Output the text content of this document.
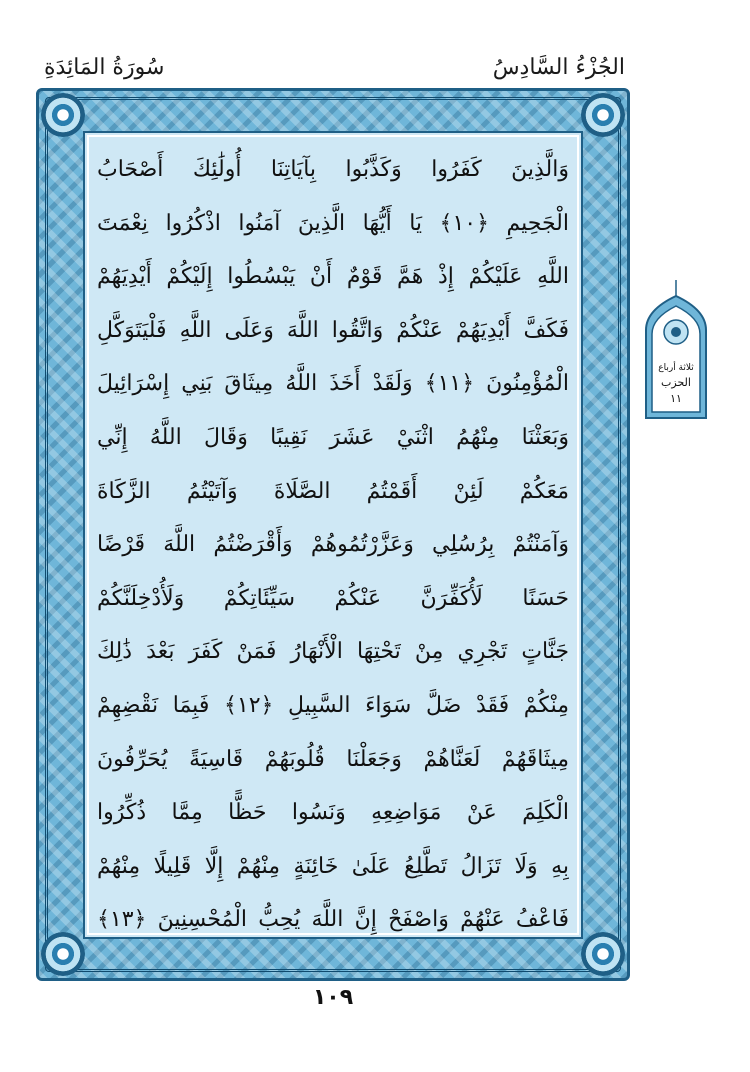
سُورَةُ المَائِدَةِ	الجُزْءُ السَّادِسُ
وَالَّذِينَ كَفَرُوا وَكَذَّبُوا بِآيَاتِنَا أُولَٰئِكَ أَصْحَابُ
الْجَحِيمِ ﴿١٠﴾ يَا أَيُّهَا الَّذِينَ آمَنُوا اذْكُرُوا نِعْمَتَ
اللَّهِ عَلَيْكُمْ إِذْ هَمَّ قَوْمٌ أَنْ يَبْسُطُوا إِلَيْكُمْ أَيْدِيَهُمْ
فَكَفَّ أَيْدِيَهُمْ عَنْكُمْ وَاتَّقُوا اللَّهَ وَعَلَى اللَّهِ فَلْيَتَوَكَّلِ
الْمُؤْمِنُونَ ﴿١١﴾ وَلَقَدْ أَخَذَ اللَّهُ مِيثَاقَ بَنِي إِسْرَائِيلَ
وَبَعَثْنَا مِنْهُمُ اثْنَيْ عَشَرَ نَقِيبًا وَقَالَ اللَّهُ إِنِّي
مَعَكُمْ لَئِنْ أَقَمْتُمُ الصَّلَاةَ وَآتَيْتُمُ الزَّكَاةَ
وَآمَنْتُمْ بِرُسُلِي وَعَزَّرْتُمُوهُمْ وَأَقْرَضْتُمُ اللَّهَ قَرْضًا
حَسَنًا لَأُكَفِّرَنَّ عَنْكُمْ سَيِّئَاتِكُمْ وَلَأُدْخِلَنَّكُمْ
جَنَّاتٍ تَجْرِي مِنْ تَحْتِهَا الْأَنْهَارُ فَمَنْ كَفَرَ بَعْدَ ذَٰلِكَ
مِنْكُمْ فَقَدْ ضَلَّ سَوَاءَ السَّبِيلِ ﴿١٢﴾ فَبِمَا نَقْضِهِمْ
مِيثَاقَهُمْ لَعَنَّاهُمْ وَجَعَلْنَا قُلُوبَهُمْ قَاسِيَةً يُحَرِّفُونَ
الْكَلِمَ عَنْ مَوَاضِعِهِ وَنَسُوا حَظًّا مِمَّا ذُكِّرُوا
بِهِ وَلَا تَزَالُ تَطَّلِعُ عَلَىٰ خَائِنَةٍ مِنْهُمْ إِلَّا قَلِيلًا مِنْهُمْ
فَاعْفُ عَنْهُمْ وَاصْفَحْ إِنَّ اللَّهَ يُحِبُّ الْمُحْسِنِينَ ﴿١٣﴾
ثلاثة أرباع
الحزب
١١
١٠٩
